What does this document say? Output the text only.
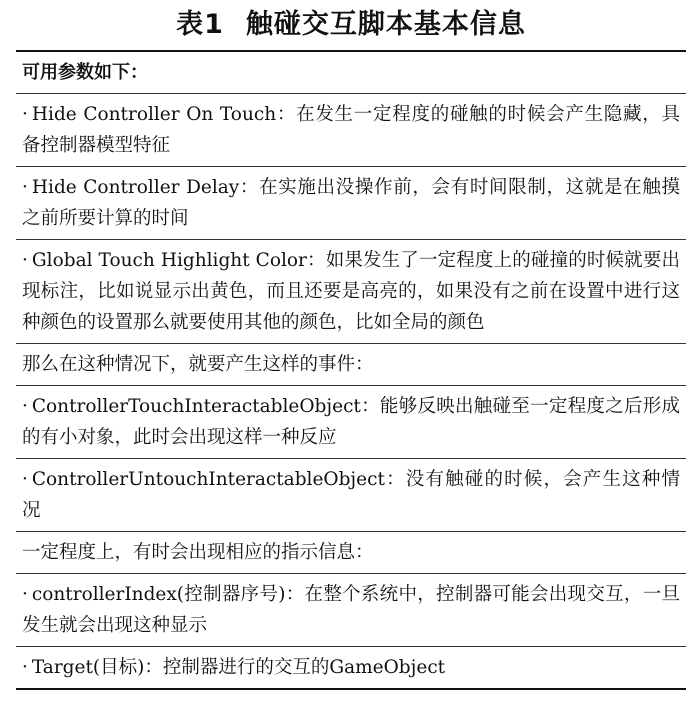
表1 触碰交互脚本基本信息
可用参数如下：
· Hide Controller On Touch：在发生一定程度的碰触的时候会产生隐藏，具备控制器模型特征
· Hide Controller Delay：在实施出没操作前，会有时间限制，这就是在触摸之前所要计算的时间
· Global Touch Highlight Color：如果发生了一定程度上的碰撞的时候就要出现标注，比如说显示出黄色，而且还要是高亮的，如果没有之前在设置中进行这种颜色的设置那么就要使用其他的颜色，比如全局的颜色
那么在这种情况下，就要产生这样的事件：
· ControllerTouchInteractableObject：能够反映出触碰至一定程度之后形成的有小对象，此时会出现这样一种反应
· ControllerUntouchInteractableObject：没有触碰的时候，会产生这种情况
一定程度上，有时会出现相应的指示信息：
· controllerIndex(控制器序号)：在整个系统中，控制器可能会出现交互，一旦发生就会出现这种显示
· Target(目标)：控制器进行的交互的GameObject
